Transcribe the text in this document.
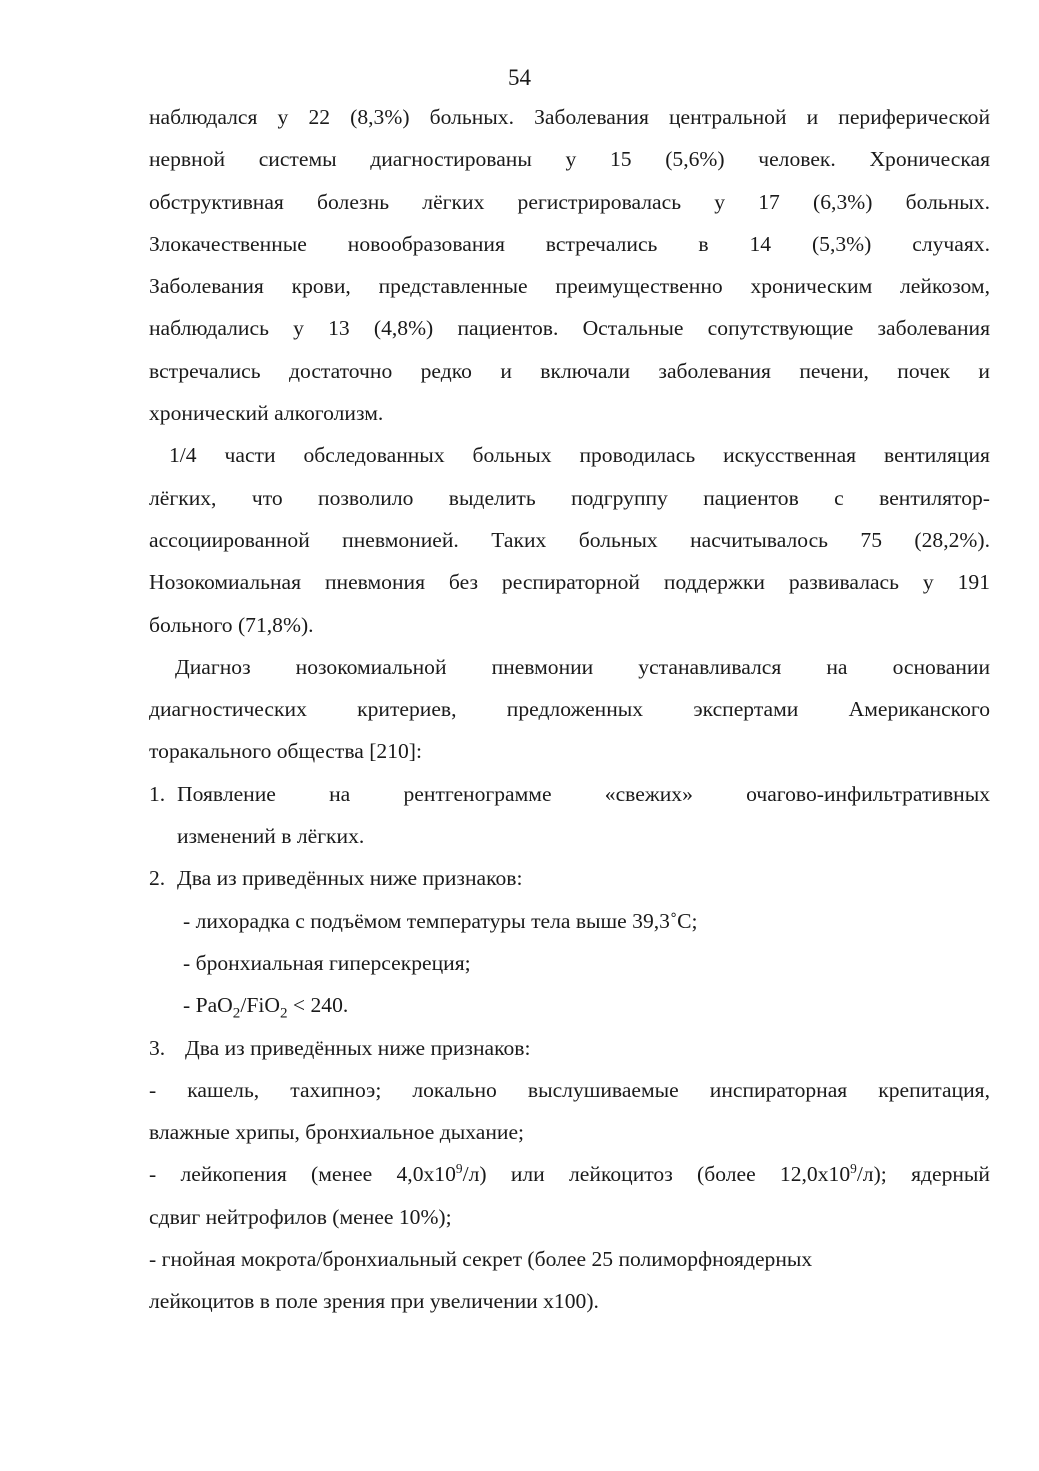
54

наблюдался у 22 (8,3%) больных. Заболевания центральной и периферической
нервной системы диагностированы у 15 (5,6%) человек. Хроническая
обструктивная болезнь лёгких регистрировалась у 17 (6,3%) больных.
Злокачественные новообразования встречались в 14 (5,3%) случаях.
Заболевания крови, представленные преимущественно хроническим лейкозом,
наблюдались у 13 (4,8%) пациентов. Остальные сопутствующие заболевания
встречались достаточно редко и включали заболевания печени, почек и
хронический алкоголизм.

1/4 части обследованных больных проводилась искусственная вентиляция
лёгких, что позволило выделить подгруппу пациентов с вентилятор-
ассоциированной пневмонией. Таких больных насчитывалось 75 (28,2%).
Нозокомиальная пневмония без респираторной поддержки развивалась у 191
больного (71,8%).

Диагноз нозокомиальной пневмонии устанавливался на основании
диагностических критериев, предложенных экспертами Американского
торакального общества [210]:

1. Появление на рентгенограмме «свежих» очагово-инфильтративных
изменений в лёгких.
2. Два из приведённых ниже признаков:
- лихорадка с подъёмом температуры тела выше 39,3˚С;
- бронхиальная гиперсекреция;
- PaO$_2$/FiO$_2$ < 240.
3. Два из приведённых ниже признаков:

- кашель, тахипноэ; локально выслушиваемые инспираторная крепитация,
влажные хрипы, бронхиальное дыхание;
- лейкопения (менее $4,0х10^9/л$) или лейкоцитоз (более $12,0х10^9/л$); ядерный
сдвиг нейтрофилов (менее 10%);
- гнойная мокрота/бронхиальный секрет (более 25 полиморфноядерных
лейкоцитов в поле зрения при увеличении х100).
